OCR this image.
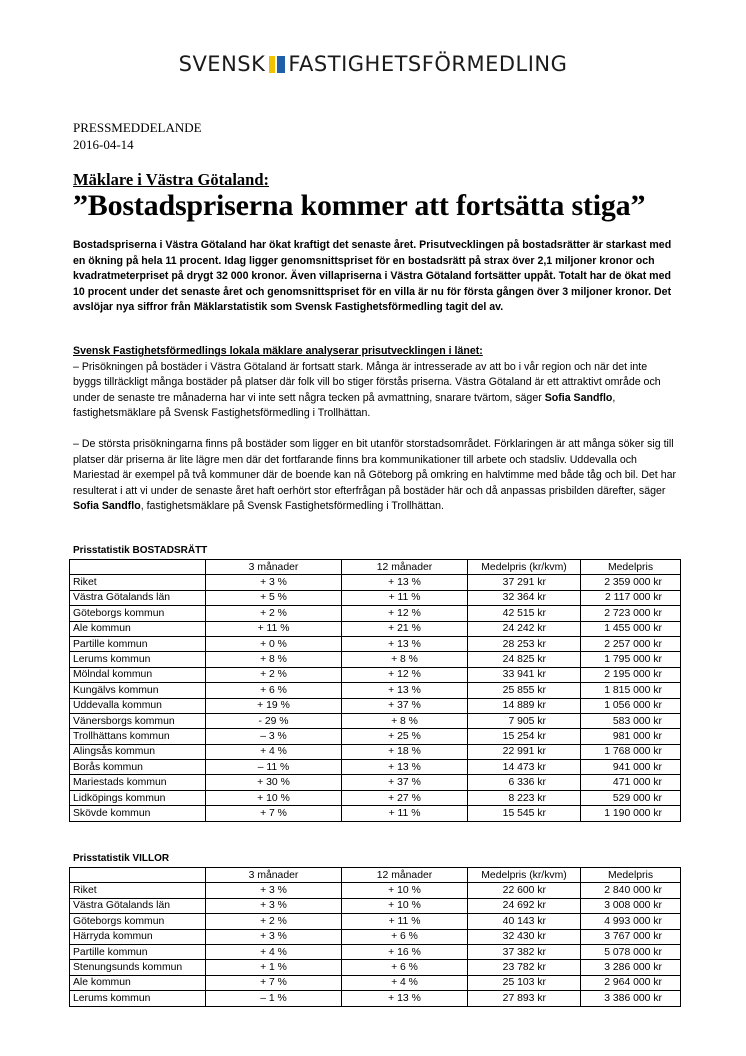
SVENSK FASTIGHETSFÖRMEDLING
PRESSMEDDELANDE
2016-04-14
Mäklare i Västra Götaland:
”Bostadspriserna kommer att fortsätta stiga”
Bostadspriserna i Västra Götaland har ökat kraftigt det senaste året. Prisutvecklingen på bostadsrätter är starkast med en ökning på hela 11 procent. Idag ligger genomsnittspriset för en bostadsrätt på strax över 2,1 miljoner kronor och kvadratmeterpriset på drygt 32 000 kronor. Även villapriserna i Västra Götaland fortsätter uppåt. Totalt har de ökat med 10 procent under det senaste året och genomsnittspriset för en villa är nu för första gången över 3 miljoner kronor. Det avslöjar nya siffror från Mäklarstatistik som Svensk Fastighetsförmedling tagit del av.

Svensk Fastighetsförmedlings lokala mäklare analyserar prisutvecklingen i länet:

– Prisökningen på bostäder i Västra Götaland är fortsatt stark. Många är intresserade av att bo i vår region och när det inte byggs tillräckligt många bostäder på platser där folk vill bo stiger förstås priserna. Västra Götaland är ett attraktivt område och under de senaste tre månaderna har vi inte sett några tecken på avmattning, snarare tvärtom, säger Sofia Sandflo, fastighetsmäklare på Svensk Fastighetsförmedling i Trollhättan.

– De största prisökningarna finns på bostäder som ligger en bit utanför storstadsområdet. Förklaringen är att många söker sig till platser där priserna är lite lägre men där det fortfarande finns bra kommunikationer till arbete och stadsliv. Uddevalla och Mariestad är exempel på två kommuner där de boende kan nå Göteborg på omkring en halvtimme med både tåg och bil. Det har resulterat i att vi under de senaste året haft oerhört stor efterfrågan på bostäder här och då anpassas prisbilden därefter, säger Sofia Sandflo, fastighetsmäklare på Svensk Fastighetsförmedling i Trollhättan.

Prisstatistik BOSTADSRÄTT
	3 månader	12 månader	Medelpris (kr/kvm)	Medelpris
Riket	+ 3 %	+ 13 %	37 291 kr	2 359 000 kr
Västra Götalands län	+ 5 %	+ 11 %	32 364 kr	2 117 000 kr
Göteborgs kommun	+ 2 %	+ 12 %	42 515 kr	2 723 000 kr
Ale kommun	+ 11 %	+ 21 %	24 242 kr	1 455 000 kr
Partille kommun	+ 0 %	+ 13 %	28 253 kr	2 257 000 kr
Lerums kommun	+ 8 %	+ 8 %	24 825 kr	1 795 000 kr
Mölndal kommun	+ 2 %	+ 12 %	33 941 kr	2 195 000 kr
Kungälvs kommun	+ 6 %	+ 13 %	25 855 kr	1 815 000 kr
Uddevalla kommun	+ 19 %	+ 37 %	14 889 kr	1 056 000 kr
Vänersborgs kommun	- 29 %	+ 8 %	7 905 kr	583 000 kr
Trollhättans kommun	– 3 %	+ 25 %	15 254 kr	981 000 kr
Alingsås kommun	+ 4 %	+ 18 %	22 991 kr	1 768 000 kr
Borås kommun	– 11 %	+ 13 %	14 473 kr	941 000 kr
Mariestads kommun	+ 30 %	+ 37 %	6 336 kr	471 000 kr
Lidköpings kommun	+ 10 %	+ 27 %	8 223 kr	529 000 kr
Skövde kommun	+ 7 %	+ 11 %	15 545 kr	1 190 000 kr
Prisstatistik VILLOR
	3 månader	12 månader	Medelpris (kr/kvm)	Medelpris
Riket	+ 3 %	+ 10 %	22 600 kr	2 840 000 kr
Västra Götalands län	+ 3 %	+ 10 %	24 692 kr	3 008 000 kr
Göteborgs kommun	+ 2 %	+ 11 %	40 143 kr	4 993 000 kr
Härryda kommun	+ 3 %	+ 6 %	32 430 kr	3 767 000 kr
Partille kommun	+ 4 %	+ 16 %	37 382 kr	5 078 000 kr
Stenungsunds kommun	+ 1 %	+ 6 %	23 782 kr	3 286 000 kr
Ale kommun	+ 7 %	+ 4 %	25 103 kr	2 964 000 kr
Lerums kommun	– 1 %	+ 13 %	27 893 kr	3 386 000 kr
